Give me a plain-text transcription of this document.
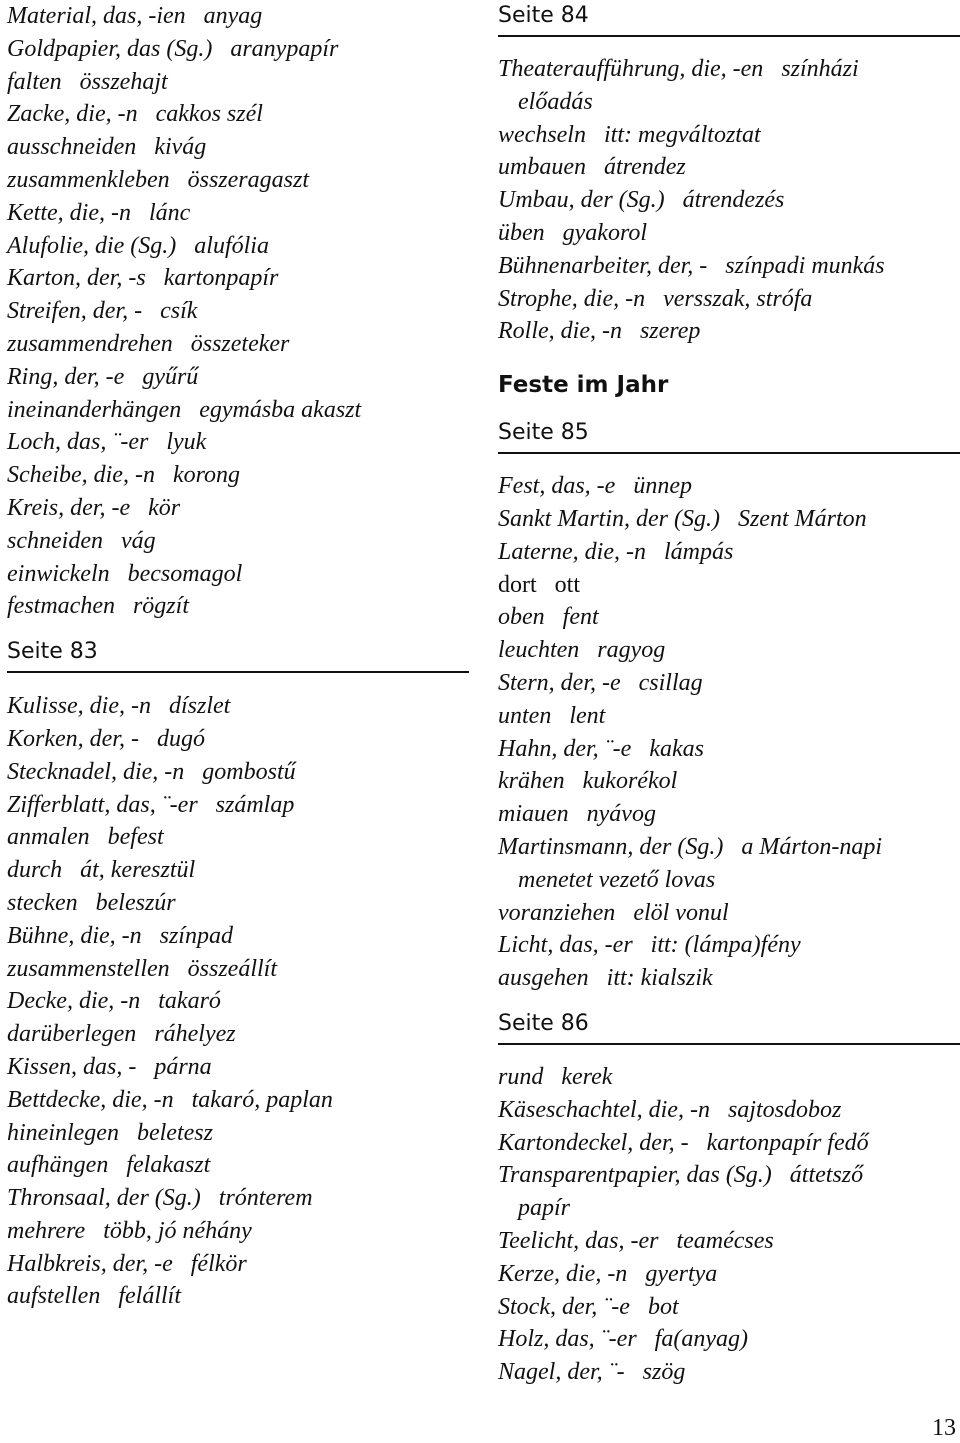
Material, das, -ien anyag
Goldpapier, das (Sg.) aranypapír
falten összehajt
Zacke, die, -n cakkos szél
ausschneiden kivág
zusammenkleben összeragaszt
Kette, die, -n lánc
Alufolie, die (Sg.) alufólia
Karton, der, -s kartonpapír
Streifen, der, - csík
zusammendrehen összeteker
Ring, der, -e gyűrű
ineinanderhängen egymásba akaszt
Loch, das, ¨-er lyuk
Scheibe, die, -n korong
Kreis, der, -e kör
schneiden vág
einwickeln becsomagol
festmachen rögzít
Seite 83
Kulisse, die, -n díszlet
Korken, der, - dugó
Stecknadel, die, -n gombostű
Zifferblatt, das, ¨-er számlap
anmalen befest
durch át, keresztül
stecken beleszúr
Bühne, die, -n színpad
zusammenstellen összeállít
Decke, die, -n takaró
darüberlegen ráhelyez
Kissen, das, - párna
Bettdecke, die, -n takaró, paplan
hineinlegen beletesz
aufhängen felakaszt
Thronsaal, der (Sg.) trónterem
mehrere több, jó néhány
Halbkreis, der, -e félkör
aufstellen felállít
Seite 84
Theateraufführung, die, -en színházi
előadás
wechseln itt: megváltoztat
umbauen átrendez
Umbau, der (Sg.) átrendezés
üben gyakorol
Bühnenarbeiter, der, - színpadi munkás
Strophe, die, -n versszak, strófa
Rolle, die, -n szerep
Feste im Jahr
Seite 85
Fest, das, -e ünnep
Sankt Martin, der (Sg.) Szent Márton
Laterne, die, -n lámpás
dort ott
oben fent
leuchten ragyog
Stern, der, -e csillag
unten lent
Hahn, der, ¨-e kakas
krähen kukorékol
miauen nyávog
Martinsmann, der (Sg.) a Márton-napi
menetet vezető lovas
voranziehen elöl vonul
Licht, das, -er itt: (lámpa)fény
ausgehen itt: kialszik
Seite 86
rund kerek
Käseschachtel, die, -n sajtosdoboz
Kartondeckel, der, - kartonpapír fedő
Transparentpapier, das (Sg.) áttetsző
papír
Teelicht, das, -er teamécses
Kerze, die, -n gyertya
Stock, der, ¨-e bot
Holz, das, ¨-er fa(anyag)
Nagel, der, ¨- szög
13
